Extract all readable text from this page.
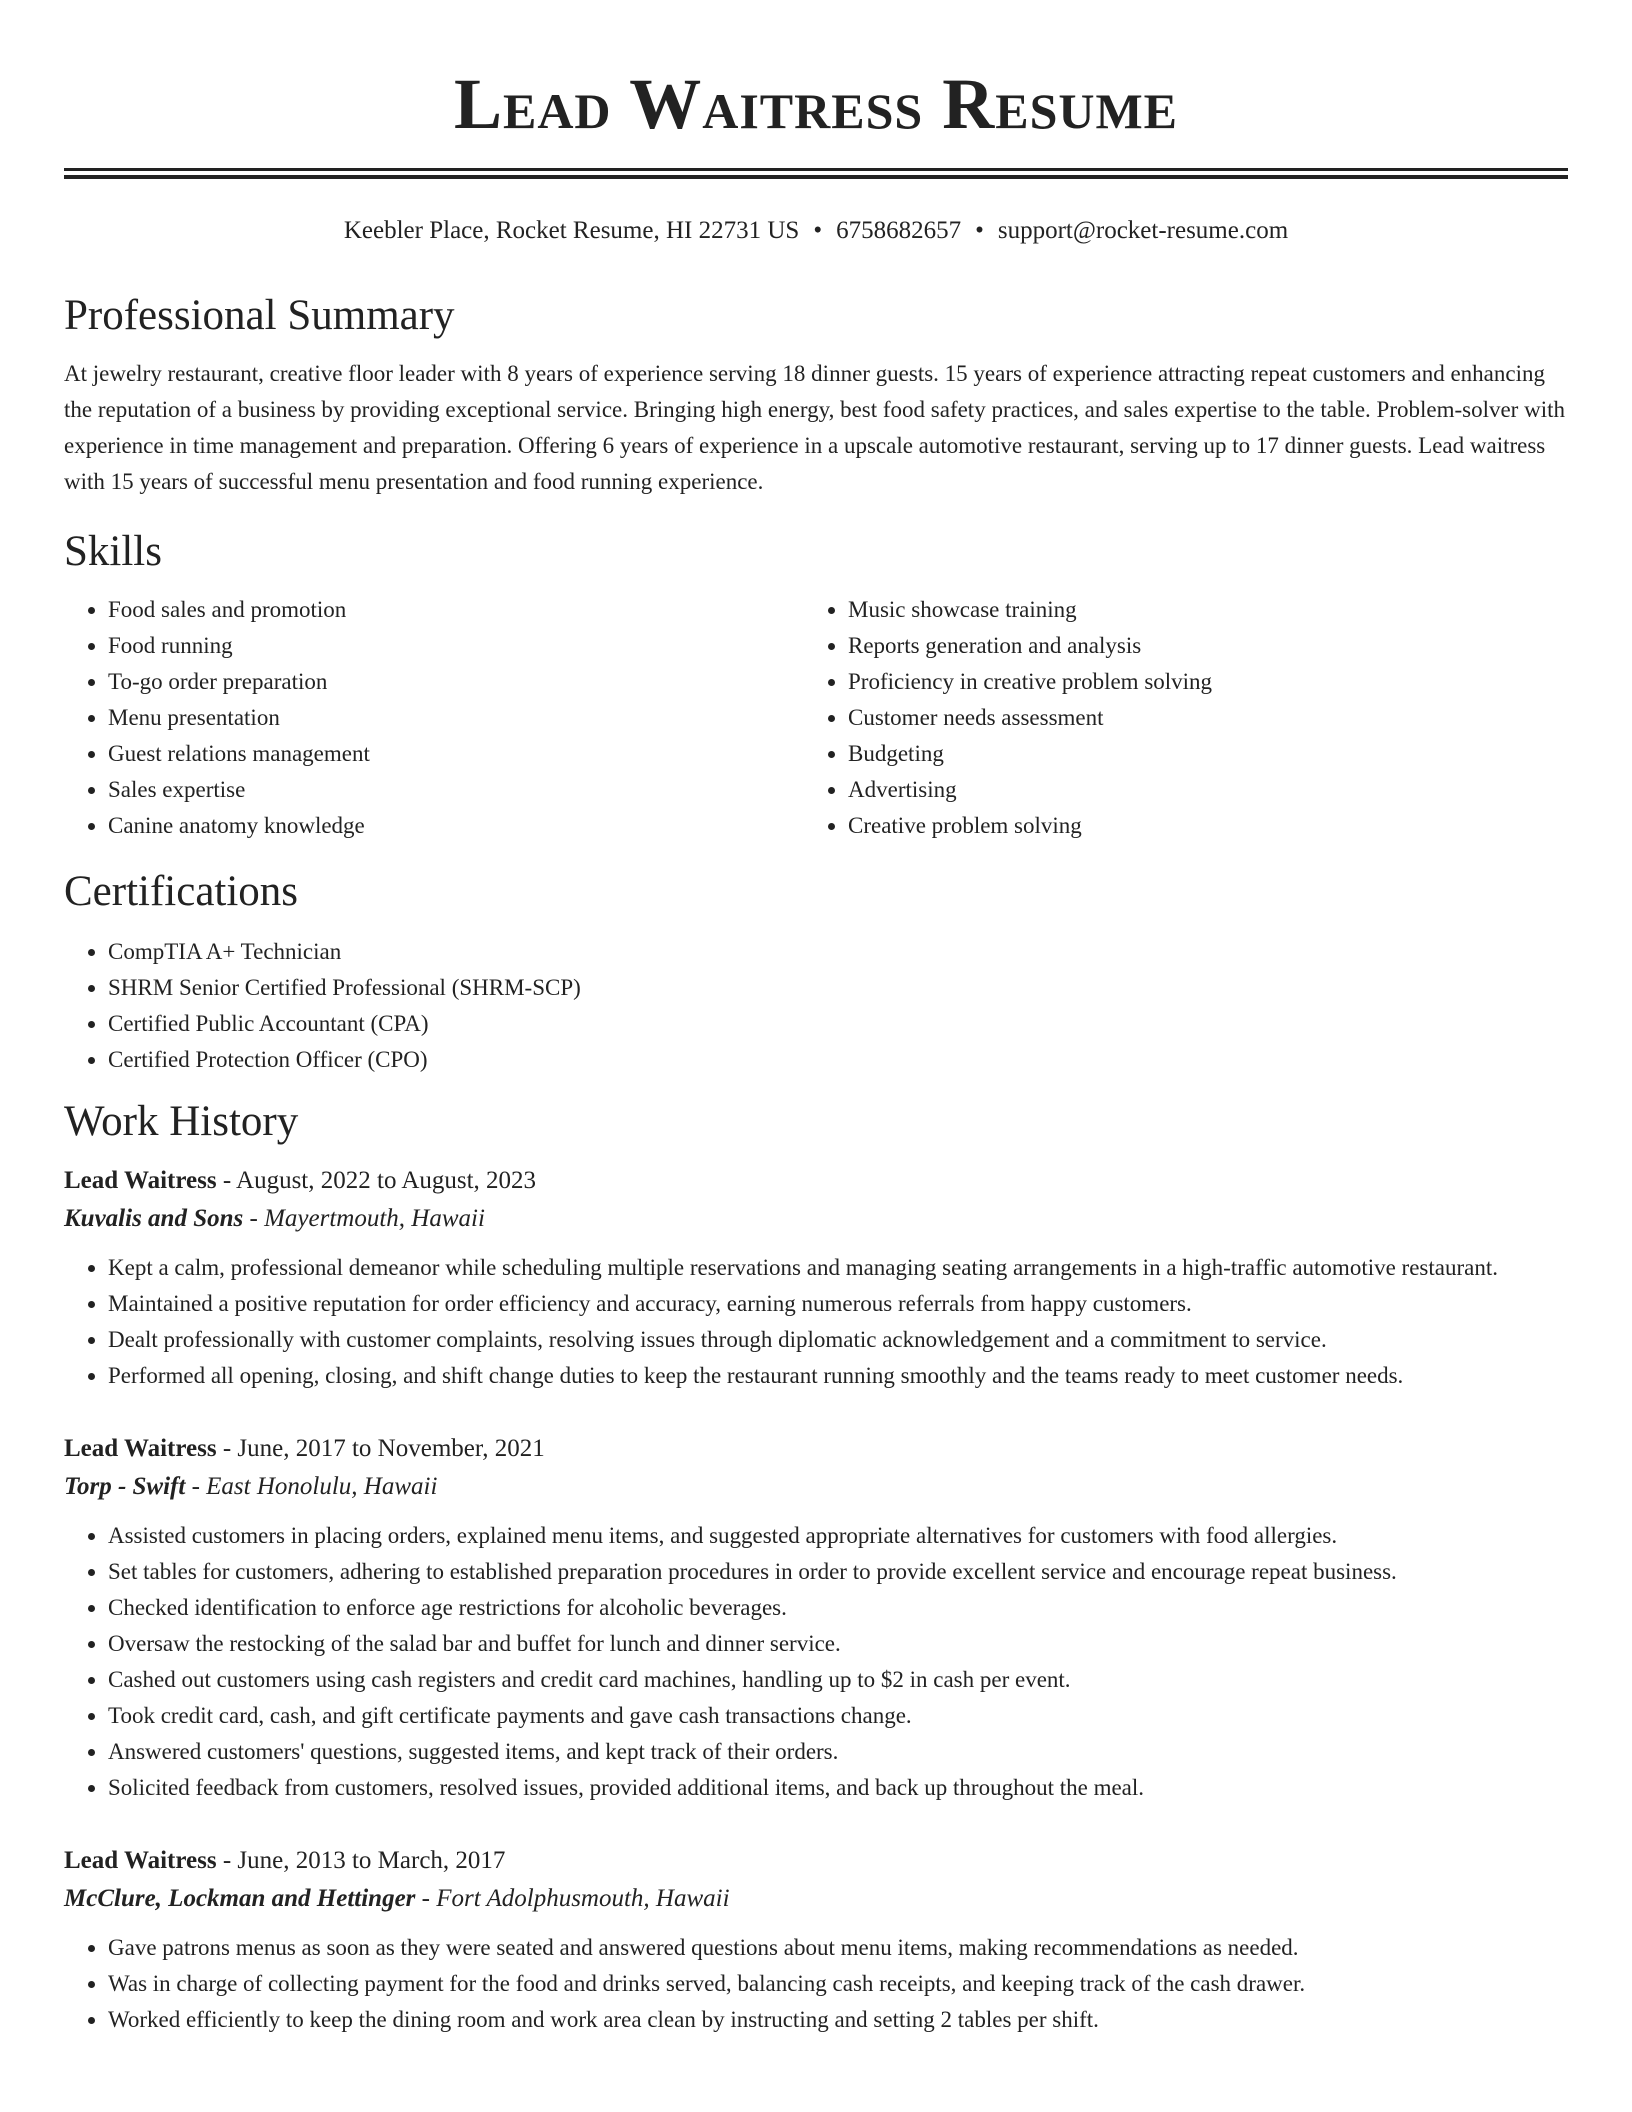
Lead Waitress Resume
Keebler Place, Rocket Resume, HI 22731 US • 6758682657 • support@rocket-resume.com
Professional Summary

At jewelry restaurant, creative floor leader with 8 years of experience serving 18 dinner guests. 15 years of experience attracting repeat customers and enhancing the reputation of a business by providing exceptional service. Bringing high energy, best food safety practices, and sales expertise to the table. Problem-solver with experience in time management and preparation. Offering 6 years of experience in a upscale automotive restaurant, serving up to 17 dinner guests. Lead waitress with 15 years of successful menu presentation and food running experience.

Skills
• Food sales and promotion
• Food running
• To-go order preparation
• Menu presentation
• Guest relations management
• Sales expertise
• Canine anatomy knowledge
• Music showcase training
• Reports generation and analysis
• Proficiency in creative problem solving
• Customer needs assessment
• Budgeting
• Advertising
• Creative problem solving
Certifications
• CompTIA A+ Technician
• SHRM Senior Certified Professional (SHRM-SCP)
• Certified Public Accountant (CPA)
• Certified Protection Officer (CPO)
Work History
Lead Waitress - August, 2022 to August, 2023
Kuvalis and Sons - Mayertmouth, Hawaii
• Kept a calm, professional demeanor while scheduling multiple reservations and managing seating arrangements in a high-traffic automotive restaurant.
• Maintained a positive reputation for order efficiency and accuracy, earning numerous referrals from happy customers.
• Dealt professionally with customer complaints, resolving issues through diplomatic acknowledgement and a commitment to service.
• Performed all opening, closing, and shift change duties to keep the restaurant running smoothly and the teams ready to meet customer needs.
Lead Waitress - June, 2017 to November, 2021
Torp - Swift - East Honolulu, Hawaii
• Assisted customers in placing orders, explained menu items, and suggested appropriate alternatives for customers with food allergies.
• Set tables for customers, adhering to established preparation procedures in order to provide excellent service and encourage repeat business.
• Checked identification to enforce age restrictions for alcoholic beverages.
• Oversaw the restocking of the salad bar and buffet for lunch and dinner service.
• Cashed out customers using cash registers and credit card machines, handling up to $2 in cash per event.
• Took credit card, cash, and gift certificate payments and gave cash transactions change.
• Answered customers' questions, suggested items, and kept track of their orders.
• Solicited feedback from customers, resolved issues, provided additional items, and back up throughout the meal.
Lead Waitress - June, 2013 to March, 2017
McClure, Lockman and Hettinger - Fort Adolphusmouth, Hawaii
• Gave patrons menus as soon as they were seated and answered questions about menu items, making recommendations as needed.
• Was in charge of collecting payment for the food and drinks served, balancing cash receipts, and keeping track of the cash drawer.
• Worked efficiently to keep the dining room and work area clean by instructing and setting 2 tables per shift.
